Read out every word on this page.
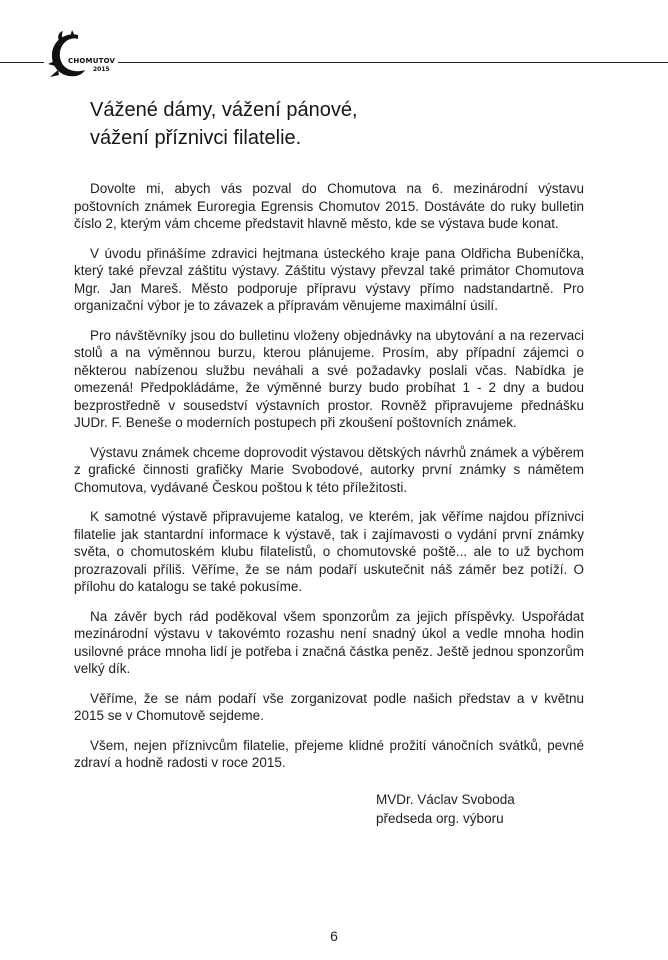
CHOMUTOV
2015
Vážené dámy, vážení pánové,
vážení příznivci filatelie.

Dovolte mi, abych vás pozval do Chomutova na 6. mezinárodní výstavu poštovních známek Euroregia Egrensis Chomutov 2015. Dostáváte do ruky bulletin číslo 2, kterým vám chceme představit hlavně město, kde se výstava bude konat.

V úvodu přinášíme zdravici hejtmana ústeckého kraje pana Oldřicha Bubeníčka, který také převzal záštitu výstavy. Záštitu výstavy převzal také primátor Chomutova Mgr. Jan Mareš. Město podporuje přípravu výstavy přímo nadstandartně. Pro organizační výbor je to závazek a přípravám věnujeme maximální úsilí.

Pro návštěvníky jsou do bulletinu vloženy objednávky na ubytování a na rezervaci stolů a na výměnnou burzu, kterou plánujeme. Prosím, aby případní zájemci o některou nabízenou službu neváhali a své požadavky poslali včas. Nabídka je omezená! Předpokládáme, že výměnné burzy budo probíhat 1 - 2 dny a budou bezprostředně v sousedství výstavních prostor. Rovněž připravujeme přednášku JUDr. F. Beneše o moderních postupech při zkoušení poštovních známek.

Výstavu známek chceme doprovodit výstavou dětských návrhů známek a výběrem z grafické činnosti grafičky Marie Svobodové, autorky první známky s námětem Chomutova, vydávané Českou poštou k této příležitosti.

K samotné výstavě připravujeme katalog, ve kterém, jak věříme najdou příznivci filatelie jak stantardní informace k výstavě, tak i zajímavosti o vydání první známky světa, o chomutoském klubu filatelistů, o chomutovské poště... ale to už bychom prozrazovali příliš. Věříme, že se nám podaří uskutečnit náš záměr bez potíží. O přílohu do katalogu se také pokusíme.

Na závěr bych rád poděkoval všem sponzorům za jejich příspěvky. Uspořádat mezinárodní výstavu v takovémto rozashu není snadný úkol a vedle mnoha hodin usilovné práce mnoha lidí je potřeba i značná částka peněz. Ještě jednou sponzorům velký dík.

Věříme, že se nám podaří vše zorganizovat podle našich představ a v květnu 2015 se v Chomutově sejdeme.

Všem, nejen příznivcům filatelie, přejeme klidné prožití vánočních svátků, pevné zdraví a hodně radosti v roce 2015.

MVDr. Václav Svoboda
předseda org. výboru
6
